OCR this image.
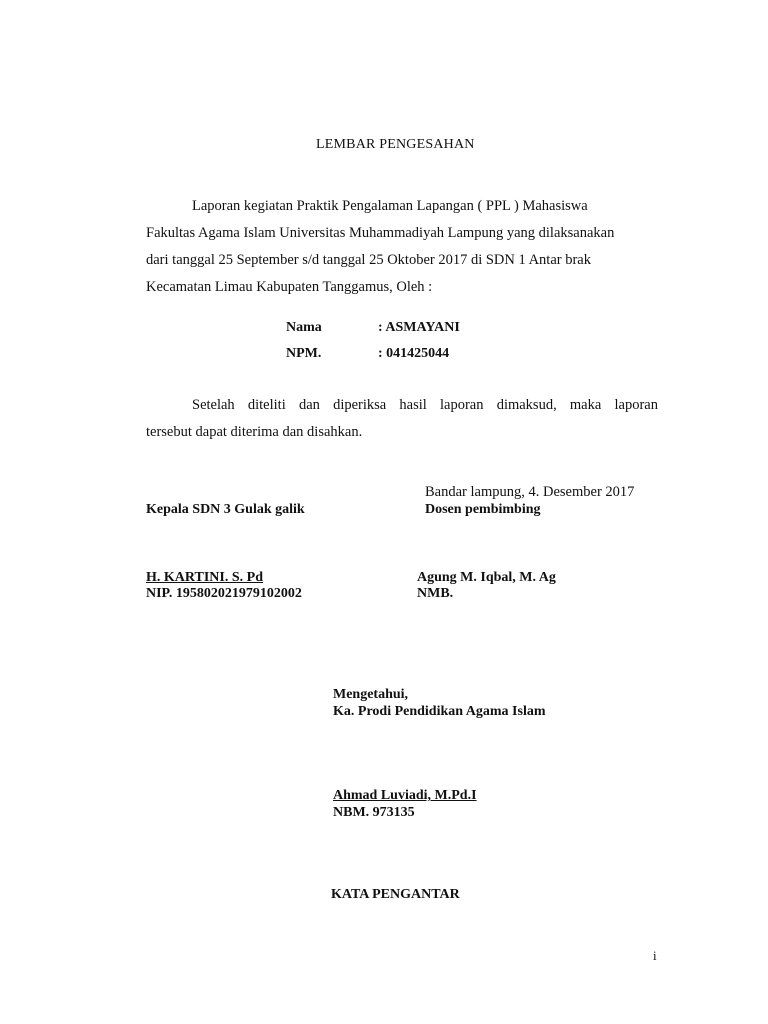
LEMBAR PENGESAHAN
Laporan kegiatan Praktik Pengalaman Lapangan ( PPL ) Mahasiswa
Fakultas Agama Islam Universitas Muhammadiyah Lampung yang dilaksanakan
dari tanggal 25 September s/d tanggal 25 Oktober 2017 di SDN 1 Antar brak
Kecamatan Limau Kabupaten Tanggamus, Oleh :
Nama	: ASMAYANI
NPM.	: 041425044
Setelah diteliti dan diperiksa hasil laporan dimaksud, maka laporan
tersebut dapat diterima dan disahkan.
Bandar lampung, 4. Desember 2017
Kepala SDN 3 Gulak galik	Dosen pembimbing
H. KARTINI. S. Pd
NIP. 195802021979102002
Agung M. Iqbal, M. Ag
NMB.
Mengetahui,
Ka. Prodi Pendidikan Agama Islam
Ahmad Luviadi, M.Pd.I
NBM. 973135
KATA PENGANTAR
i
